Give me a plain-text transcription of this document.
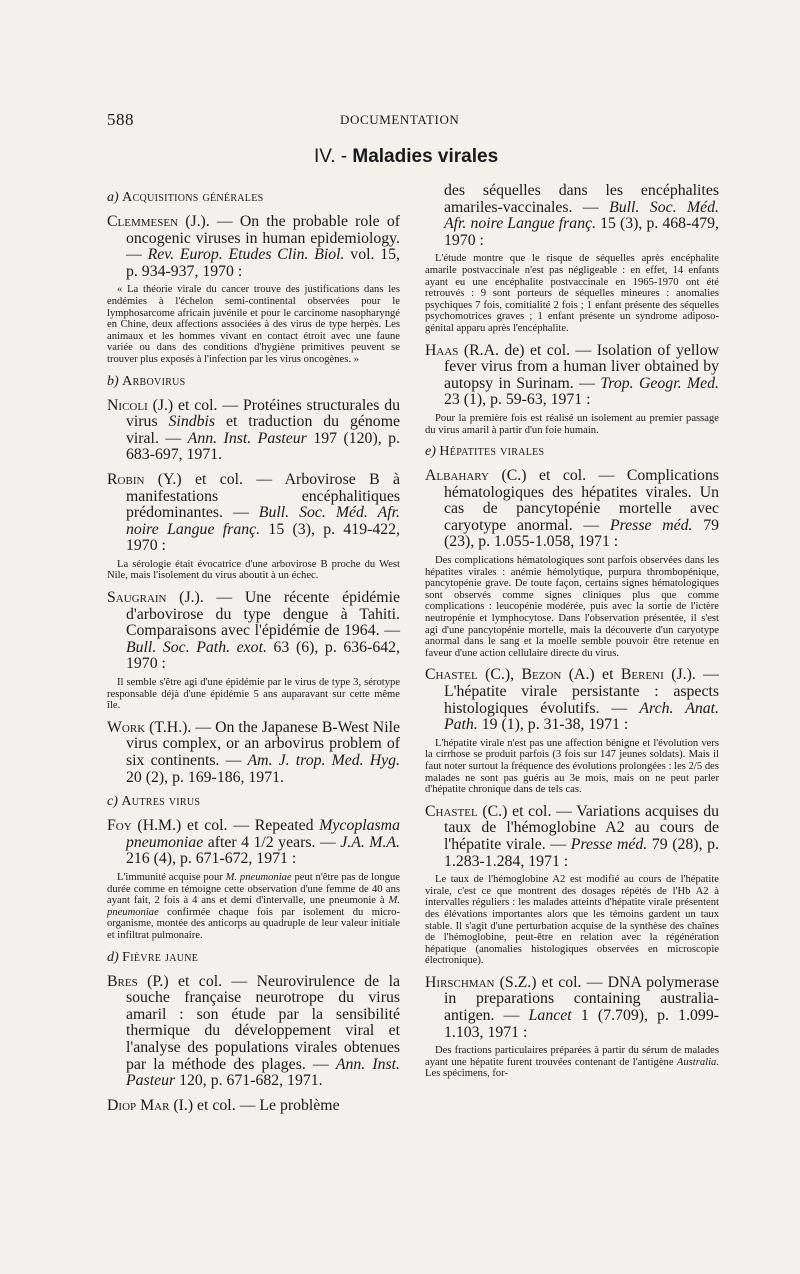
588	DOCUMENTATION
IV. - Maladies virales

a) Acquisitions générales

Clemmesen (J.). — On the probable role of oncogenic viruses in human epidemiology. — Rev. Europ. Etudes Clin. Biol. vol. 15, p. 934-937, 1970 :

« La théorie virale du cancer trouve des justifications dans les endémies à l'échelon semi-continental observées pour le lymphosarcome africain juvénile et pour le carcinome nasopharyngé en Chine, deux affections associées à des virus de type herpès. Les animaux et les hommes vivant en contact étroit avec une faune variée ou dans des conditions d'hygiène primitives peuvent se trouver plus exposés à l'infection par les virus oncogènes. »

b) Arbovirus

Nicoli (J.) et col. — Protéines structurales du virus Sindbis et traduction du génome viral. — Ann. Inst. Pasteur 197 (120), p. 683-697, 1971.

Robin (Y.) et col. — Arbovirose B à manifestations encéphalitiques prédominantes. — Bull. Soc. Méd. Afr. noire Langue franç. 15 (3), p. 419-422, 1970 :

La sérologie était évocatrice d'une arbovirose B proche du West Nile, mais l'isolement du virus aboutit à un échec.

Saugrain (J.). — Une récente épidémie d'arbovirose du type dengue à Tahiti. Comparaisons avec l'épidémie de 1964. — Bull. Soc. Path. exot. 63 (6), p. 636-642, 1970 :

Il semble s'être agi d'une épidémie par le virus de type 3, sérotype responsable déjà d'une épidémie 5 ans auparavant sur cette même île.

Work (T.H.). — On the Japanese B-West Nile virus complex, or an arbovirus problem of six continents. — Am. J. trop. Med. Hyg. 20 (2), p. 169-186, 1971.

c) Autres virus

Foy (H.M.) et col. — Repeated Mycoplasma pneumoniae after 4 1/2 years. — J.A. M.A. 216 (4), p. 671-672, 1971 :

L'immunité acquise pour M. pneumoniae peut n'être pas de longue durée comme en témoigne cette observation d'une femme de 40 ans ayant fait, 2 fois à 4 ans et demi d'intervalle, une pneumonie à M. pneumoniae confirmée chaque fois par isolement du micro-organisme, montée des anticorps au quadruple de leur valeur initiale et infiltrat pulmonaire.

d) Fièvre jaune

Bres (P.) et col. — Neurovirulence de la souche française neurotrope du virus amaril : son étude par la sensibilité thermique du développement viral et l'analyse des populations virales obtenues par la méthode des plages. — Ann. Inst. Pasteur 120, p. 671-682, 1971.

Diop Mar (I.) et col. — Le problème

des séquelles dans les encéphalites amariles-vaccinales. — Bull. Soc. Méd. Afr. noire Langue franç. 15 (3), p. 468-479, 1970 :

L'étude montre que le risque de séquelles après encéphalite amarile postvaccinale n'est pas négligeable : en effet, 14 enfants ayant eu une encéphalite postvaccinale en 1965-1970 ont été retrouvés : 9 sont porteurs de séquelles mineures : anomalies psychiques 7 fois, comitialité 2 fois ; 1 enfant présente des séquelles psychomotrices graves ; 1 enfant présente un syndrome adiposo-génital apparu après l'encéphalite.

Haas (R.A. de) et col. — Isolation of yellow fever virus from a human liver obtained by autopsy in Surinam. — Trop. Geogr. Med. 23 (1), p. 59-63, 1971 :

Pour la première fois est réalisé un isolement au premier passage du virus amaril à partir d'un foie humain.

e) Hépatites virales

Albahary (C.) et col. — Complications hématologiques des hépatites virales. Un cas de pancytopénie mortelle avec caryotype anormal. — Presse méd. 79 (23), p. 1.055-1.058, 1971 :

Des complications hématologiques sont parfois observées dans les hépatites virales : anémie hémolytique, purpura thrombopénique, pancytopénie grave. De toute façon, certains signes hématologiques sont observés comme signes cliniques plus que comme complications : leucopénie modérée, puis avec la sortie de l'ictère neutropénie et lymphocytose. Dans l'observation présentée, il s'est agi d'une pancytopénie mortelle, mais la découverte d'un caryotype anormal dans le sang et la moelle semble pouvoir être retenue en faveur d'une action cellulaire directe du virus.

Chastel (C.), Bezon (A.) et Bereni (J.). — L'hépatite virale persistante : aspects histologiques évolutifs. — Arch. Anat. Path. 19 (1), p. 31-38, 1971 :

L'hépatite virale n'est pas une affection bénigne et l'évolution vers la cirrhose se produit parfois (3 fois sur 147 jeunes soldats). Mais il faut noter surtout la fréquence des évolutions prolongées : les 2/5 des malades ne sont pas guéris au 3e mois, mais on ne peut parler d'hépatite chronique dans de tels cas.

Chastel (C.) et col. — Variations acquises du taux de l'hémoglobine A2 au cours de l'hépatite virale. — Presse méd. 79 (28), p. 1.283-1.284, 1971 :

Le taux de l'hémoglobine A2 est modifié au cours de l'hépatite virale, c'est ce que montrent des dosages répétés de l'Hb A2 à intervalles réguliers : les malades atteints d'hépatite virale présentent des élévations importantes alors que les témoins gardent un taux stable. Il s'agit d'une perturbation acquise de la synthèse des chaînes de l'hémoglobine, peut-être en relation avec la régénération hépatique (anomalies histologiques observées en microscopie électronique).

Hirschman (S.Z.) et col. — DNA polymerase in preparations containing australia-antigen. — Lancet 1 (7.709), p. 1.099-1.103, 1971 :

Des fractions particulaires préparées à partir du sérum de malades ayant une hépatite furent trouvées contenant de l'antigène Australia. Les spécimens, for-
